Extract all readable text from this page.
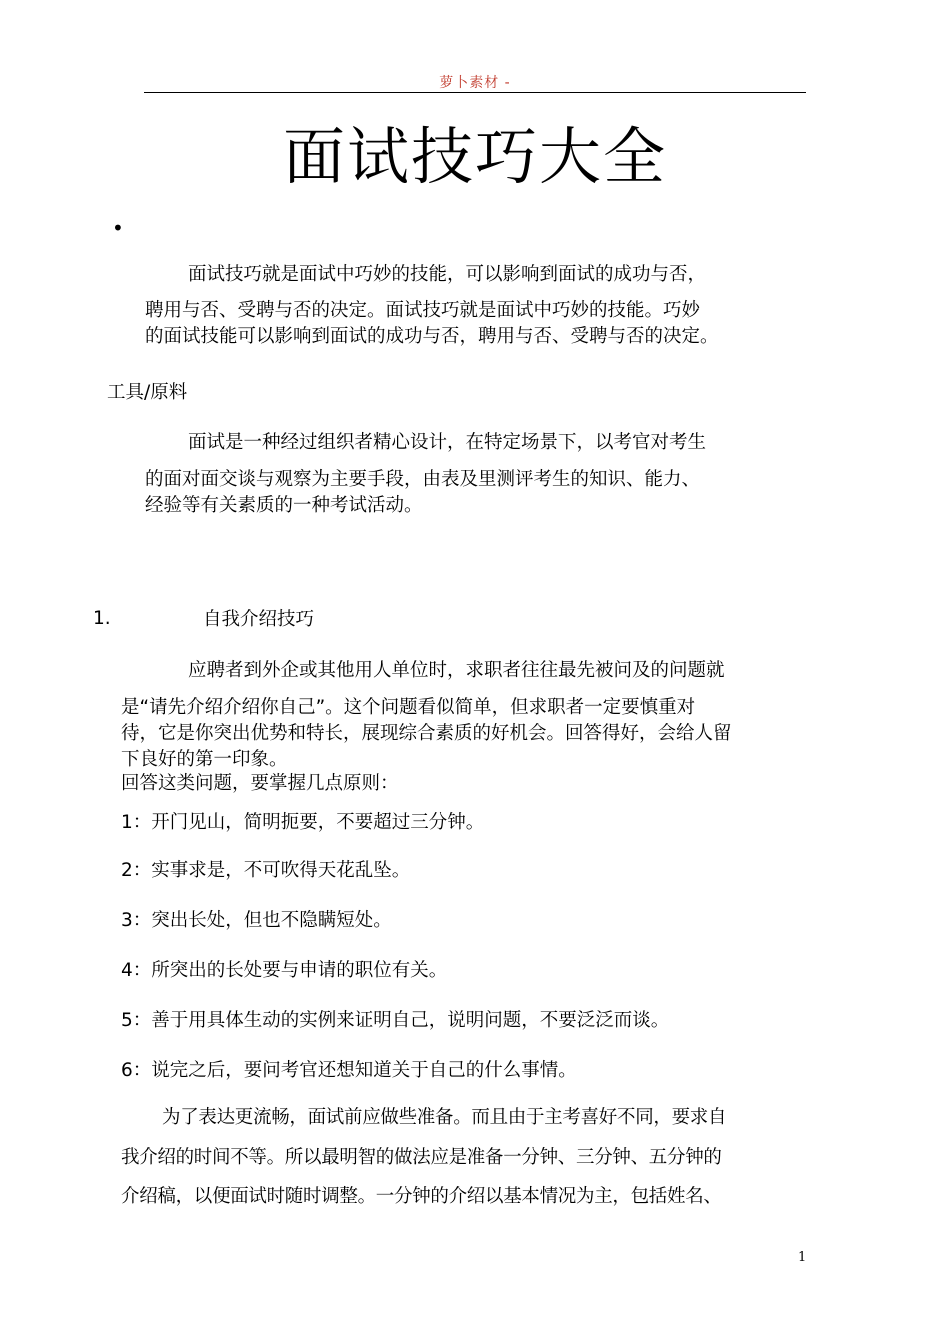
萝卜素材 -
面试技巧大全
•
面试技巧就是面试中巧妙的技能，可以影响到面试的成功与否，
聘用与否、受聘与否的决定。面试技巧就是面试中巧妙的技能。巧妙
的面试技能可以影响到面试的成功与否，聘用与否、受聘与否的决定。
工具/原料
面试是一种经过组织者精心设计，在特定场景下，以考官对考生
的面对面交谈与观察为主要手段，由表及里测评考生的知识、能力、
经验等有关素质的一种考试活动。
1.	自我介绍技巧
应聘者到外企或其他用人单位时，求职者往往最先被问及的问题就
是“请先介绍介绍你自己”。这个问题看似简单，但求职者一定要慎重对
待，它是你突出优势和特长，展现综合素质的好机会。回答得好，会给人留
下良好的第一印象。
回答这类问题，要掌握几点原则：
1：开门见山，简明扼要，不要超过三分钟。
2：实事求是，不可吹得天花乱坠。
3：突出长处，但也不隐瞒短处。
4：所突出的长处要与申请的职位有关。
5：善于用具体生动的实例来证明自己，说明问题，不要泛泛而谈。
6：说完之后，要问考官还想知道关于自己的什么事情。
为了表达更流畅，面试前应做些准备。而且由于主考喜好不同，要求自
我介绍的时间不等。所以最明智的做法应是准备一分钟、三分钟、五分钟的
介绍稿，以便面试时随时调整。一分钟的介绍以基本情况为主，包括姓名、
1
